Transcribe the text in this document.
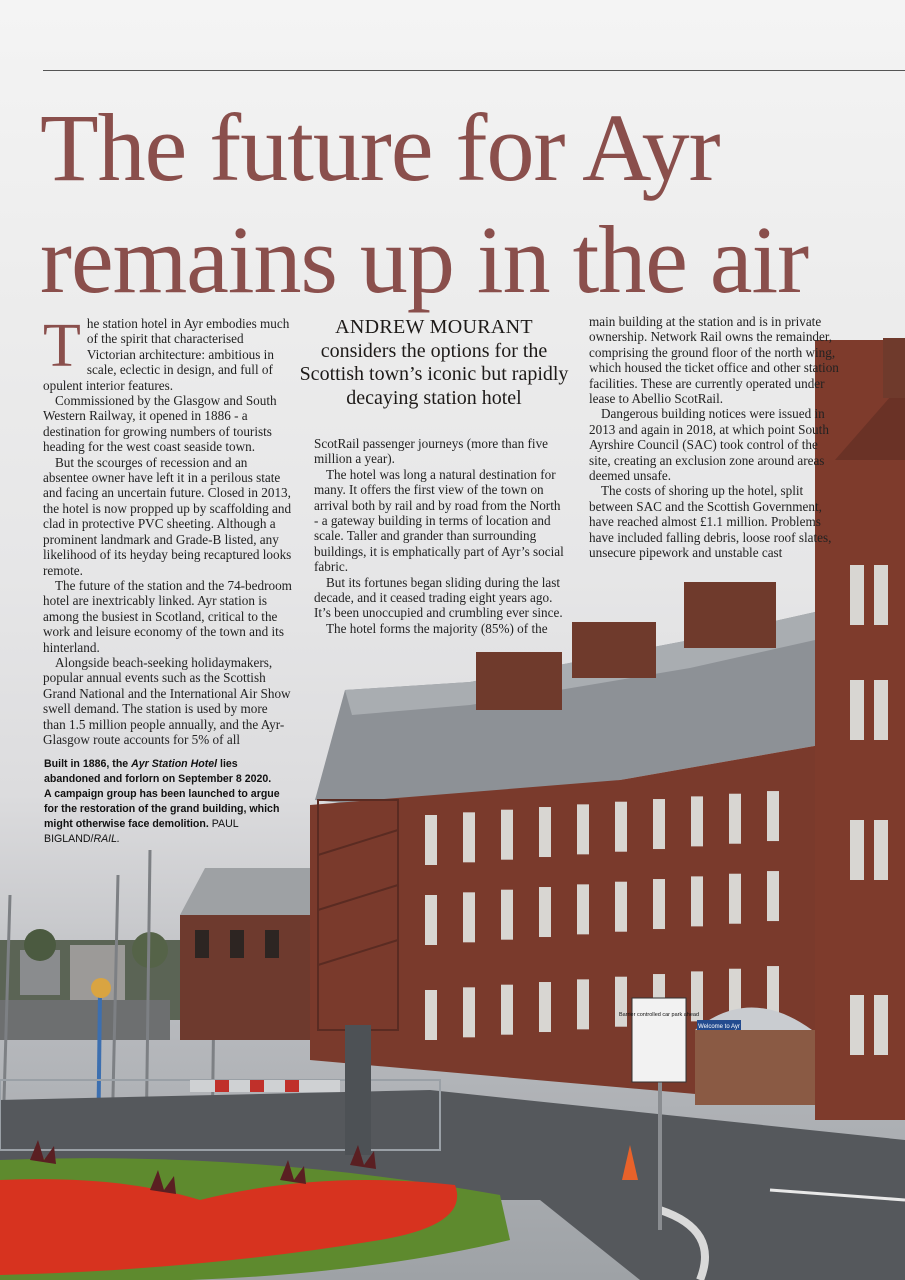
Welcome to Ayr
Barrier controlled car park ahead
The future for Ayr remains up in the air
T he station hotel in Ayr embodies much of the spirit that characterised Victorian architecture: ambitious in scale, eclectic in design, and full of opulent interior features.

Commissioned by the Glasgow and South Western Railway, it opened in 1886 - a destination for growing numbers of tourists heading for the west coast seaside town.

But the scourges of recession and an absentee owner have left it in a perilous state and facing an uncertain future. Closed in 2013, the hotel is now propped up by scaffolding and clad in protective PVC sheeting. Although a prominent landmark and Grade-B listed, any likelihood of its heyday being recaptured looks remote.

The future of the station and the 74-bedroom hotel are inextricably linked. Ayr station is among the busiest in Scotland, critical to the work and leisure economy of the town and its hinterland.

Alongside beach-seeking holidaymakers, popular annual events such as the Scottish Grand National and the International Air Show swell demand. The station is used by more than 1.5 million people annually, and the Ayr-Glasgow route accounts for 5% of all

ANDREW MOURANT
considers the options for the Scottish town’s iconic but rapidly decaying station hotel

ScotRail passenger journeys (more than five million a year).

The hotel was long a natural destination for many. It offers the first view of the town on arrival both by rail and by road from the North - a gateway building in terms of location and scale. Taller and grander than surrounding buildings, it is emphatically part of Ayr’s social fabric.

But its fortunes began sliding during the last decade, and it ceased trading eight years ago. It’s been unoccupied and crumbling ever since.

The hotel forms the majority (85%) of the

main building at the station and is in private ownership. Network Rail owns the remainder, comprising the ground floor of the north wing, which housed the ticket office and other station facilities. These are currently operated under lease to Abellio ScotRail.

Dangerous building notices were issued in 2013 and again in 2018, at which point South Ayrshire Council (SAC) took control of the site, creating an exclusion zone around areas deemed unsafe.

The costs of shoring up the hotel, split between SAC and the Scottish Government, have reached almost £1.1 million. Problems have included falling debris, loose roof slates, unsecure pipework and unstable cast

Built in 1886, the Ayr Station Hotel lies abandoned and forlorn on September 8 2020. A campaign group has been launched to argue for the restoration of the grand building, which might otherwise face demolition. PAUL BIGLAND/RAIL.
